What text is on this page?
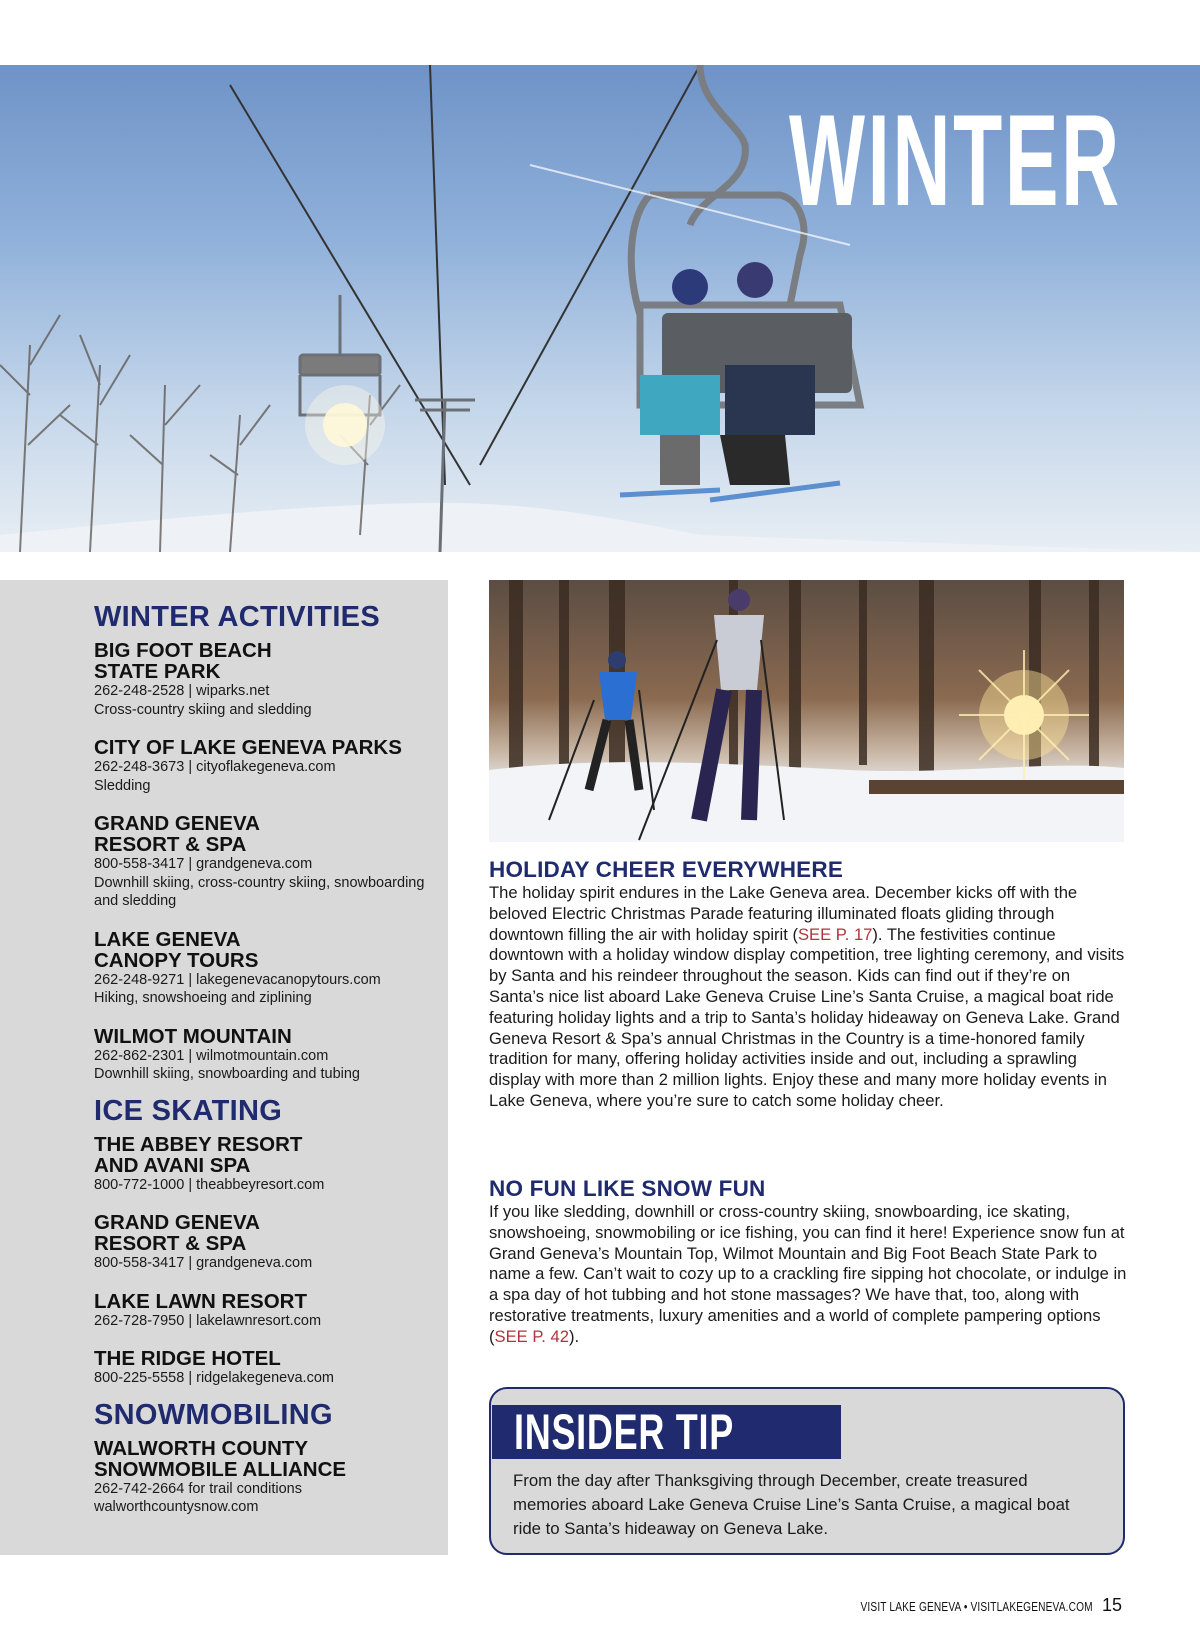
WINTER
WINTER ACTIVITIES
BIG FOOT BEACH
STATE PARK
262-248-2528 | wiparks.net
Cross-country skiing and sledding
CITY OF LAKE GENEVA PARKS
262-248-3673 | cityoflakegeneva.com
Sledding
GRAND GENEVA
RESORT & SPA
800-558-3417 | grandgeneva.com
Downhill skiing, cross-country skiing, snowboarding and sledding
LAKE GENEVA
CANOPY TOURS
262-248-9271 | lakegenevacanopytours.com
Hiking, snowshoeing and ziplining
WILMOT MOUNTAIN
262-862-2301 | wilmotmountain.com
Downhill skiing, snowboarding and tubing
ICE SKATING
THE ABBEY RESORT
AND AVANI SPA
800-772-1000 | theabbeyresort.com
GRAND GENEVA
RESORT & SPA
800-558-3417 | grandgeneva.com
LAKE LAWN RESORT
262-728-7950 | lakelawnresort.com
THE RIDGE HOTEL
800-225-5558 | ridgelakegeneva.com
SNOWMOBILING
WALWORTH COUNTY
SNOWMOBILE ALLIANCE
262-742-2664 for trail conditions
walworthcountysnow.com
HOLIDAY CHEER EVERYWHERE

The holiday spirit endures in the Lake Geneva area. December kicks off with the beloved Electric Christmas Parade featuring illuminated floats gliding through downtown filling the air with holiday spirit (SEE P. 17). The festivities continue downtown with a holiday window display competition, tree lighting ceremony, and visits by Santa and his reindeer throughout the season. Kids can find out if they’re on Santa’s nice list aboard Lake Geneva Cruise Line’s Santa Cruise, a magical boat ride featuring holiday lights and a trip to Santa’s holiday hideaway on Geneva Lake. Grand Geneva Resort & Spa’s annual Christmas in the Country is a time-honored family tradition for many, offering holiday activities inside and out, including a sprawling display with more than 2 million lights. Enjoy these and many more holiday events in Lake Geneva, where you’re sure to catch some holiday cheer.

NO FUN LIKE SNOW FUN

If you like sledding, downhill or cross-country skiing, snowboarding, ice skating, snowshoeing, snowmobiling or ice fishing, you can find it here! Experience snow fun at Grand Geneva’s Mountain Top, Wilmot Mountain and Big Foot Beach State Park to name a few. Can’t wait to cozy up to a crackling fire sipping hot chocolate, or indulge in a spa day of hot tubbing and hot stone massages? We have that, too, along with restorative treatments, luxury amenities and a world of complete pampering options (SEE P. 42).

INSIDER TIP
From the day after Thanksgiving through December, create treasured memories aboard Lake Geneva Cruise Line’s Santa Cruise, a magical boat ride to Santa’s hideaway on Geneva Lake.
VISIT LAKE GENEVA • VISITLAKEGENEVA.COM 15
